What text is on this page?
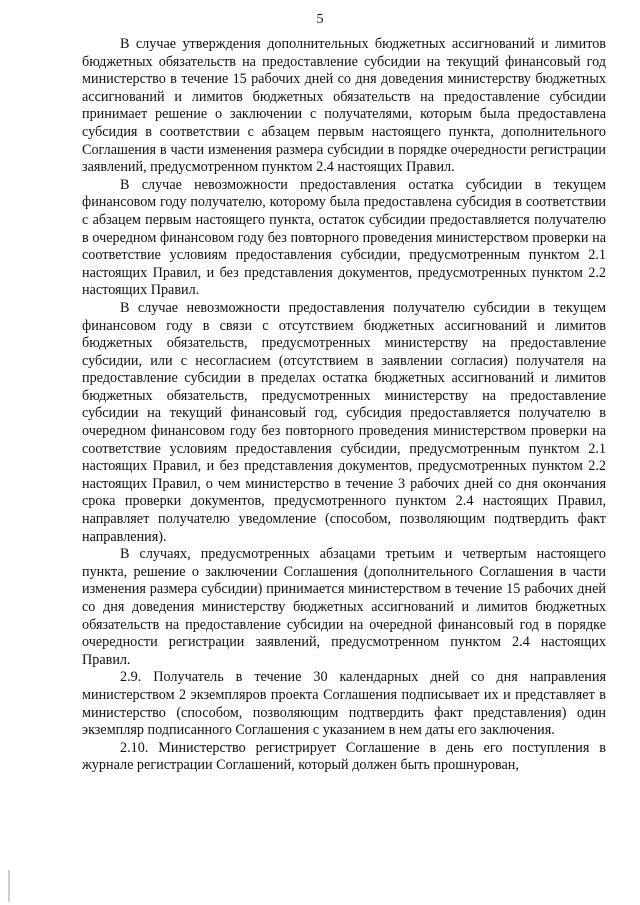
5

В случае утверждения дополнительных бюджетных ассигнований и лимитов бюджетных обязательств на предоставление субсидии на текущий финансовый год министерство в течение 15 рабочих дней со дня доведения министерству бюджетных ассигнований и лимитов бюджетных обязательств на предоставление субсидии принимает решение о заключении с получателями, которым была предоставлена субсидия в соответствии с абзацем первым настоящего пункта, дополнительного Соглашения в части изменения размера субсидии в порядке очередности регистрации заявлений, предусмотренном пунктом 2.4 настоящих Правил.

В случае невозможности предоставления остатка субсидии в текущем финансовом году получателю, которому была предоставлена субсидия в соответствии с абзацем первым настоящего пункта, остаток субсидии предоставляется получателю в очередном финансовом году без повторного проведения министерством проверки на соответствие условиям предоставления субсидии, предусмотренным пунктом 2.1 настоящих Правил, и без представления документов, предусмотренных пунктом 2.2 настоящих Правил.

В случае невозможности предоставления получателю субсидии в текущем финансовом году в связи с отсутствием бюджетных ассигнований и лимитов бюджетных обязательств, предусмотренных министерству на предоставление субсидии, или с несогласием (отсутствием в заявлении согласия) получателя на предоставление субсидии в пределах остатка бюджетных ассигнований и лимитов бюджетных обязательств, предусмотренных министерству на предоставление субсидии на текущий финансовый год, субсидия предоставляется получателю в очередном финансовом году без повторного проведения министерством проверки на соответствие условиям предоставления субсидии, предусмотренным пунктом 2.1 настоящих Правил, и без представления документов, предусмотренных пунктом 2.2 настоящих Правил, о чем министерство в течение 3 рабочих дней со дня окончания срока проверки документов, предусмотренного пунктом 2.4 настоящих Правил, направляет получателю уведомление (способом, позволяющим подтвердить факт направления).

В случаях, предусмотренных абзацами третьим и четвертым настоящего пункта, решение о заключении Соглашения (дополнительного Соглашения в части изменения размера субсидии) принимается министерством в течение 15 рабочих дней со дня доведения министерству бюджетных ассигнований и лимитов бюджетных обязательств на предоставление субсидии на очередной финансовый год в порядке очередности регистрации заявлений, предусмотренном пунктом 2.4 настоящих Правил.

2.9. Получатель в течение 30 календарных дней со дня направления министерством 2 экземпляров проекта Соглашения подписывает их и представляет в министерство (способом, позволяющим подтвердить факт представления) один экземпляр подписанного Соглашения с указанием в нем даты его заключения.

2.10. Министерство регистрирует Соглашение в день его поступления в журнале регистрации Соглашений, который должен быть прошнурован,
